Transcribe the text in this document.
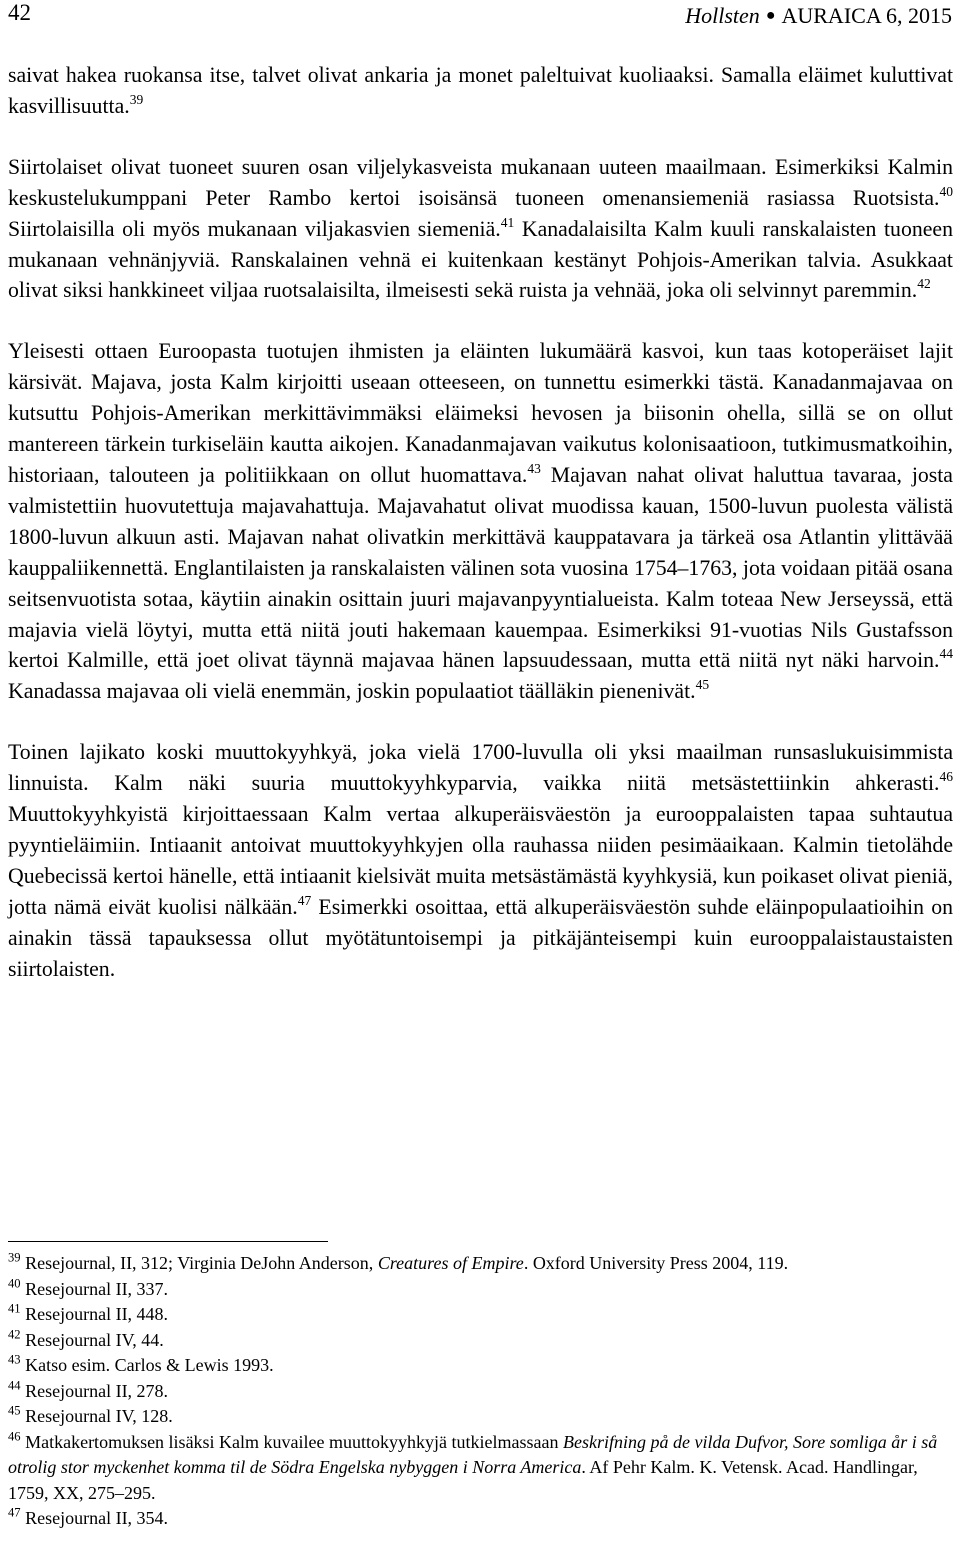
42	Hollsten ● AURAICA 6, 2015

saivat hakea ruokansa itse, talvet olivat ankaria ja monet paleltuivat kuoliaaksi. Samalla eläimet kuluttivat kasvillisuutta.$^{39}$

Siirtolaiset olivat tuoneet suuren osan viljelykasveista mukanaan uuteen maailmaan. Esimerkiksi Kalmin keskustelukumppani Peter Rambo kertoi isoisänsä tuoneen omenansiemeniä rasiassa Ruotsista.$^{40}$ Siirtolaisilla oli myös mukanaan viljakasvien siemeniä.$^{41}$ Kanadalaisilta Kalm kuuli ranskalaisten tuoneen mukanaan vehnänjyviä. Ranskalainen vehnä ei kuitenkaan kestänyt Pohjois-Amerikan talvia. Asukkaat olivat siksi hankkineet viljaa ruotsalaisilta, ilmeisesti sekä ruista ja vehnää, joka oli selvinnyt paremmin.$^{42}$

Yleisesti ottaen Euroopasta tuotujen ihmisten ja eläinten lukumäärä kasvoi, kun taas kotoperäiset lajit kärsivät. Majava, josta Kalm kirjoitti useaan otteeseen, on tunnettu esimerkki tästä. Kanadanmajavaa on kutsuttu Pohjois-Amerikan merkittävimmäksi eläimeksi hevosen ja biisonin ohella, sillä se on ollut mantereen tärkein turkiseläin kautta aikojen. Kanadanmajavan vaikutus kolonisaatioon, tutkimusmatkoihin, historiaan, talouteen ja politiikkaan on ollut huomattava.$^{43}$ Majavan nahat olivat haluttua tavaraa, josta valmistettiin huovutettuja majavahattuja. Majavahatut olivat muodissa kauan, 1500-luvun puolesta välistä 1800-luvun alkuun asti. Majavan nahat olivatkin merkittävä kauppatavara ja tärkeä osa Atlantin ylittävää kauppaliikennettä. Englantilaisten ja ranskalaisten välinen sota vuosina 1754–1763, jota voidaan pitää osana seitsenvuotista sotaa, käytiin ainakin osittain juuri majavanpyyntialueista. Kalm toteaa New Jerseyssä, että majavia vielä löytyi, mutta että niitä jouti hakemaan kauempaa. Esimerkiksi 91-vuotias Nils Gustafsson kertoi Kalmille, että joet olivat täynnä majavaa hänen lapsuudessaan, mutta että niitä nyt näki harvoin.$^{44}$ Kanadassa majavaa oli vielä enemmän, joskin populaatiot täälläkin pienenivät.$^{45}$

Toinen lajikato koski muuttokyyhkyä, joka vielä 1700-luvulla oli yksi maailman runsaslukuisimmista linnuista. Kalm näki suuria muuttokyyhkyparvia, vaikka niitä metsästettiinkin ahkerasti.$^{46}$ Muuttokyyhkyistä kirjoittaessaan Kalm vertaa alkuperäisväestön ja eurooppalaisten tapaa suhtautua pyyntieläimiin. Intiaanit antoivat muuttokyyhkyjen olla rauhassa niiden pesimäaikaan. Kalmin tietolähde Quebecissä kertoi hänelle, että intiaanit kielsivät muita metsästämästä kyyhkysiä, kun poikaset olivat pieniä, jotta nämä eivät kuolisi nälkään.$^{47}$ Esimerkki osoittaa, että alkuperäisväestön suhde eläinpopulaatioihin on ainakin tässä tapauksessa ollut myötätuntoisempi ja pitkäjänteisempi kuin eurooppalaistaustaisten siirtolaisten.

$^{39}$ Resejournal, II, 312; Virginia DeJohn Anderson, Creatures of Empire. Oxford University Press 2004, 119.
$^{40}$ Resejournal II, 337.
$^{41}$ Resejournal II, 448.
$^{42}$ Resejournal IV, 44.
$^{43}$ Katso esim. Carlos & Lewis 1993.
$^{44}$ Resejournal II, 278.
$^{45}$ Resejournal IV, 128.
$^{46}$ Matkakertomuksen lisäksi Kalm kuvailee muuttokyyhkyjä tutkielmassaan Beskrifning på de vilda Dufvor, Sore somliga år i så otrolig stor myckenhet komma til de Södra Engelska nybyggen i Norra America. Af Pehr Kalm. K. Vetensk. Acad. Handlingar, 1759, XX, 275–295.
$^{47}$ Resejournal II, 354.
